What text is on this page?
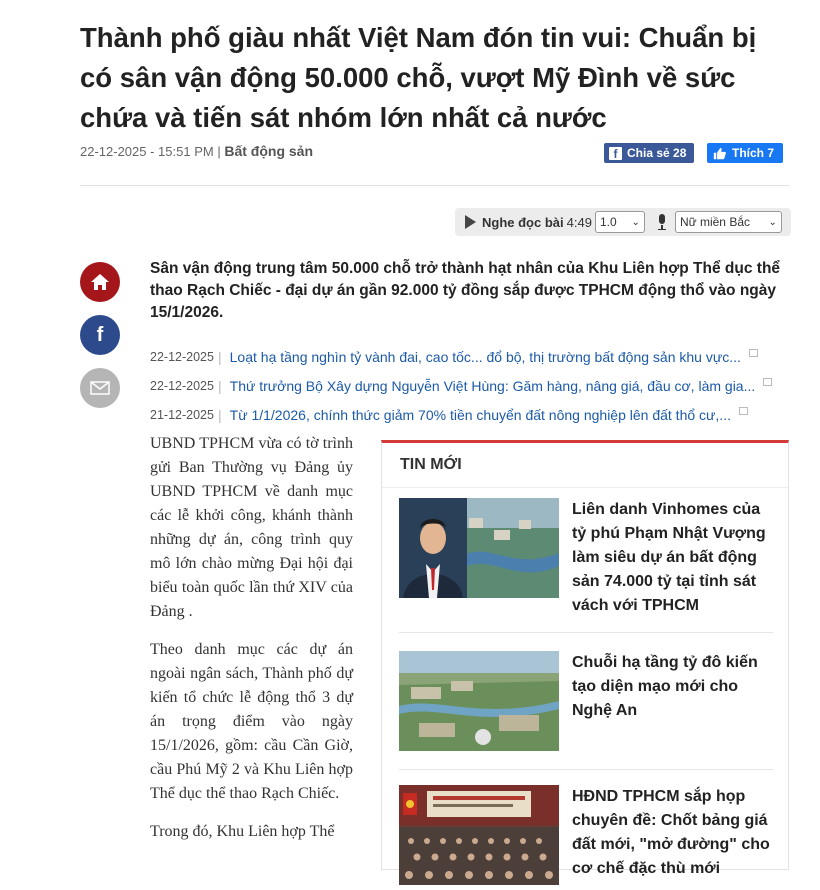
Thành phố giàu nhất Việt Nam đón tin vui: Chuẩn bị có sân vận động 50.000 chỗ, vượt Mỹ Đình về sức chứa và tiến sát nhóm lớn nhất cả nước
22-12-2025 - 15:51 PM | Bất động sản	f Chia sẻ 28	Thích 7
Nghe đọc bài 4:49 1.0 ⌄	Nữ miền Bắc ⌄
f

Sân vận động trung tâm 50.000 chỗ trở thành hạt nhân của Khu Liên hợp Thể dục thể thao Rạch Chiếc - đại dự án gần 92.000 tỷ đồng sắp được TPHCM động thổ vào ngày 15/1/2026.

22-12-2025 | Loạt hạ tầng nghìn tỷ vành đai, cao tốc... đổ bộ, thị trường bất động sản khu vực...
22-12-2025 | Thứ trưởng Bộ Xây dựng Nguyễn Việt Hùng: Găm hàng, nâng giá, đầu cơ, làm gia...
21-12-2025 | Từ 1/1/2026, chính thức giảm 70% tiền chuyển đất nông nghiệp lên đất thổ cư,...

UBND TPHCM vừa có tờ trình gửi Ban Thường vụ Đảng ủy UBND TPHCM về danh mục các lễ khởi công, khánh thành những dự án, công trình quy mô lớn chào mừng Đại hội đại biểu toàn quốc lần thứ XIV của Đảng .

Theo danh mục các dự án ngoài ngân sách, Thành phố dự kiến tổ chức lễ động thổ 3 dự án trọng điểm vào ngày 15/1/2026, gồm: cầu Cần Giờ, cầu Phú Mỹ 2 và Khu Liên hợp Thể dục thể thao Rạch Chiếc.

Trong đó, Khu Liên hợp Thể

TIN MỚI
Liên danh Vinhomes của tỷ phú Phạm Nhật Vượng làm siêu dự án bất động sản 74.000 tỷ tại tỉnh sát vách với TPHCM
Chuỗi hạ tầng tỷ đô kiến tạo diện mạo mới cho Nghệ An
HĐND TPHCM sắp họp chuyên đề: Chốt bảng giá đất mới, "mở đường" cho cơ chế đặc thù mới
